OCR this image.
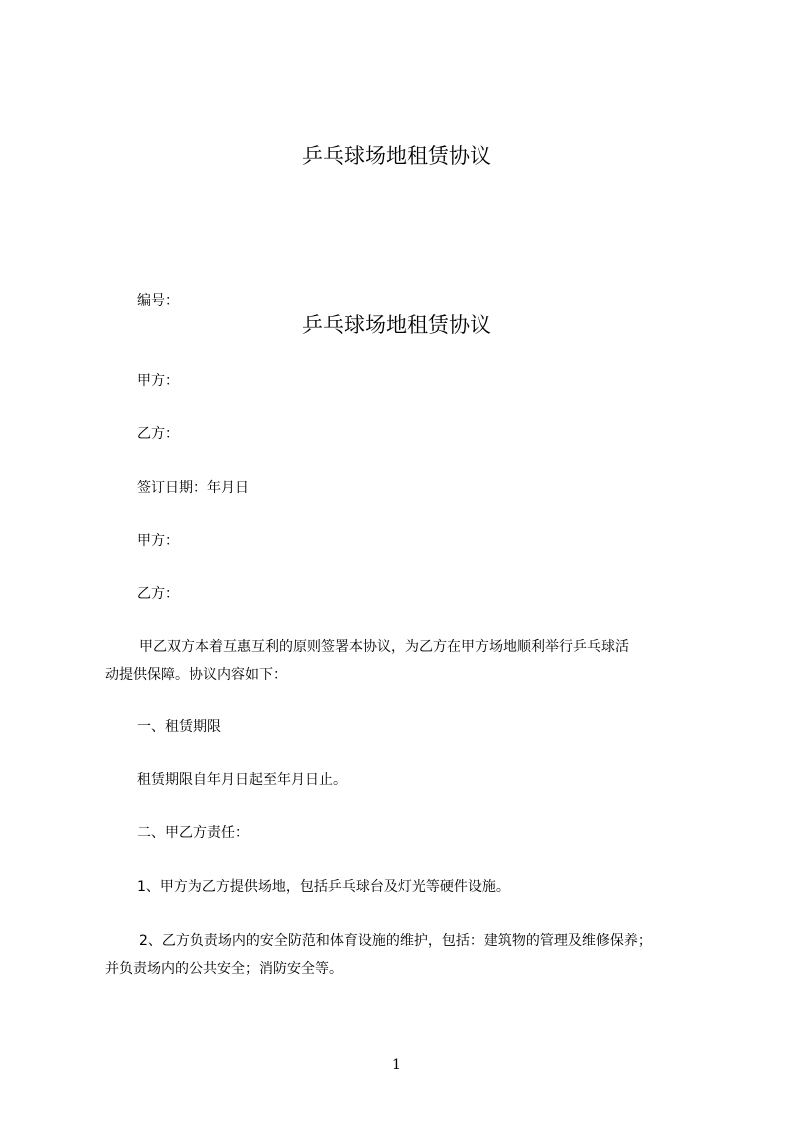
乒乓球场地租赁协议
编号：
乒乓球场地租赁协议
甲方：
乙方：
签订日期：年月日
甲方：
乙方：
甲乙双方本着互惠互利的原则签署本协议，为乙方在甲方场地顺利举行乒乓球活
动提供保障。协议内容如下：
一、租赁期限
租赁期限自年月日起至年月日止。
二、甲乙方责任：
1、甲方为乙方提供场地，包括乒乓球台及灯光等硬件设施。
2、乙方负责场内的安全防范和体育设施的维护，包括：建筑物的管理及维修保养；
并负责场内的公共安全；消防安全等。
1
